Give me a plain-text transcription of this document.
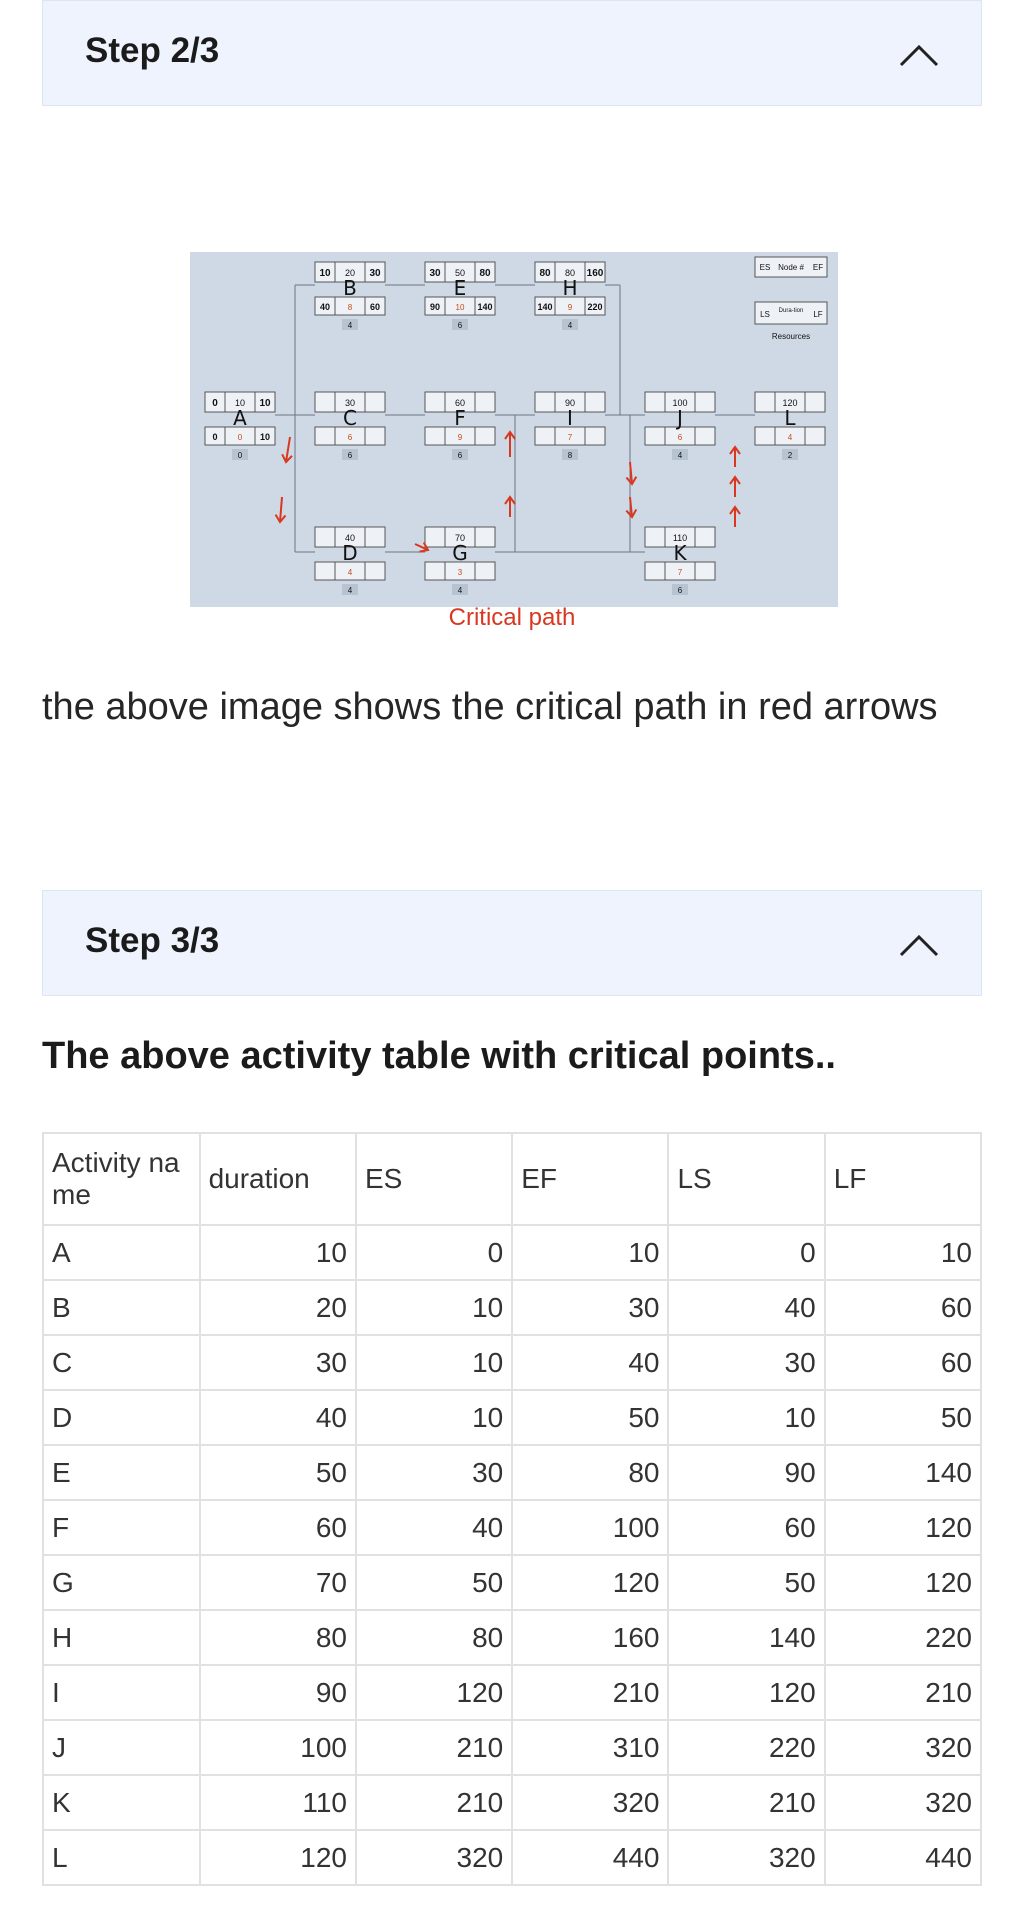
Step 2/3
0 10 10
A
0	0 10
0
10 20 30
B
40 8 60
4
30 50 80
E
90 10 140
6
80 80 160
H
140 9 220
4
30
C
6
6
60
F
9
6
90
I
7
8
100
J
6
4
120
L
4
2
40
D
4
4
70
G
3
4
110
K
7
6
ES Node # EF
LS Dura-tion LF
Resources
Critical path
the above image shows the critical path in red arrows
Step 3/3
The above activity table with critical points..
Activity name	duration	ES	EF	LS	LF
A	10	0	10	0	10
B	20	10	30	40	60
C	30	10	40	30	60
D	40	10	50	10	50
E	50	30	80	90	140
F	60	40	100	60	120
G	70	50	120	50	120
H	80	80	160	140	220
I	90	120	210	120	210
J	100	210	310	220	320
K	110	210	320	210	320
L	120	320	440	320	440
